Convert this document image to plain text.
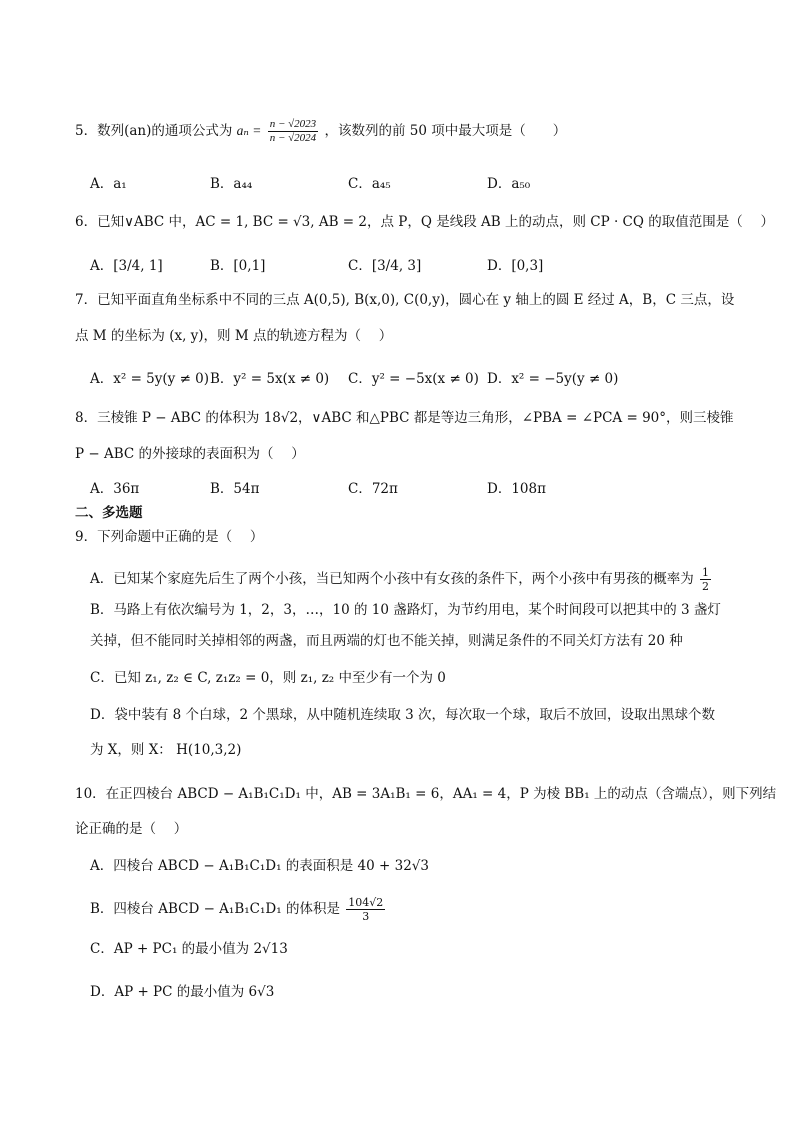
5．数列(an)的通项公式为 $a_n = \frac{n - √2023}{n - √2024}$ ，该数列的前 50 项中最大项是（　　）
A．a₁	B．a₄₄	C．a₄₅	D．a₅₀
6．已知∨ABC 中，AC = 1, BC = √3, AB = 2，点 P，Q 是线段 AB 上的动点，则 CP · CQ 的取值范围是（　 ）
A．[3/4, 1]	B．[0,1]	C．[3/4, 3]	D．[0,3]
7．已知平面直角坐标系中不同的三点 A(0,5), B(x,0), C(0,y)，圆心在 y 轴上的圆 E 经过 A，B，C 三点，设
点 M 的坐标为 (x, y)，则 M 点的轨迹方程为（　 ）
A．x² = 5y(y ≠ 0) B．y² = 5x(x ≠ 0) C．y² = −5x(x ≠ 0) D．x² = −5y(y ≠ 0)
8．三棱锥 P − ABC 的体积为 18√2，∨ABC 和△PBC 都是等边三角形，∠PBA = ∠PCA = 90°，则三棱锥
P − ABC 的外接球的表面积为（　 ）
A．36π	B．54π	C．72π	D．108π
二、多选题
9．下列命题中正确的是（　 ）
A．已知某个家庭先后生了两个小孩，当已知两个小孩中有女孩的条件下，两个小孩中有男孩的概率为 $\frac{1}{2}$
B．马路上有依次编号为 1，2，3，…，10 的 10 盏路灯，为节约用电，某个时间段可以把其中的 3 盏灯
关掉，但不能同时关掉相邻的两盏，而且两端的灯也不能关掉，则满足条件的不同关灯方法有 20 种
C．已知 z₁, z₂ ∈ C, z₁z₂ = 0，则 z₁, z₂ 中至少有一个为 0
D．袋中装有 8 个白球，2 个黑球，从中随机连续取 3 次，每次取一个球，取后不放回，设取出黑球个数
为 X，则 X： H(10,3,2)
10．在正四棱台 ABCD − A₁B₁C₁D₁ 中，AB = 3A₁B₁ = 6，AA₁ = 4，P 为棱 BB₁ 上的动点（含端点），则下列结
论正确的是（　 ）
A．四棱台 ABCD − A₁B₁C₁D₁ 的表面积是 40 + 32√3
B．四棱台 ABCD − A₁B₁C₁D₁ 的体积是 $\frac{104√2}{3}$
C．AP + PC₁ 的最小值为 2√13
D．AP + PC 的最小值为 6√3
